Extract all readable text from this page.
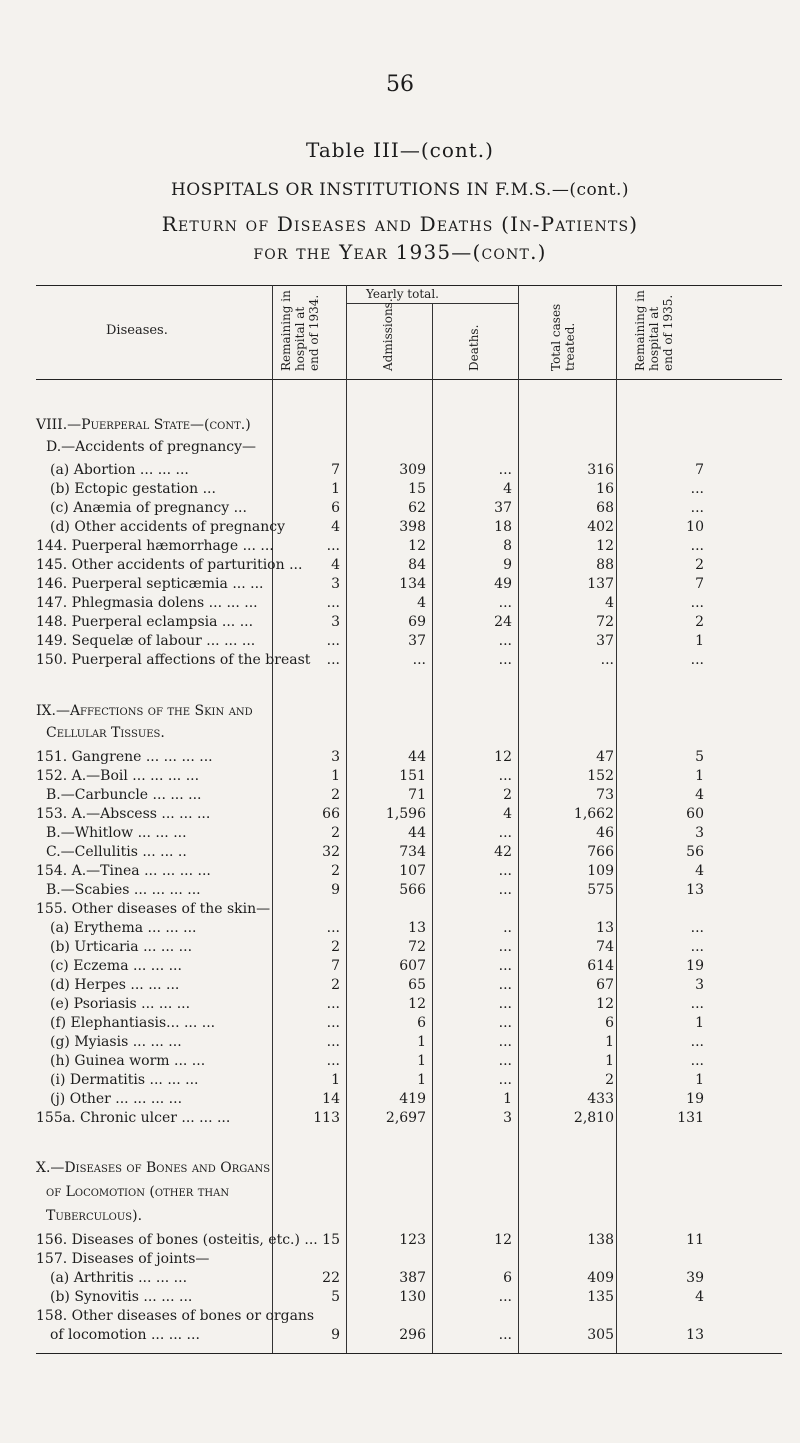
56
Table III—(cont.)
HOSPITALS OR INSTITUTIONS IN F.M.S.—(cont.)
Return of Diseases and Deaths (In-Patients)
for the Year 1935—(cont.)
Diseases.
Yearly total.
Remaining in hospital at end of 1934.	Admissions.	Deaths.	Total cases treated.	Remaining in hospital at end of 1935.
VIII.—Puerperal State—(cont.)
D.—Accidents of pregnancy—
(a) Abortion ... ... ...	7	309	...	316	7
(b) Ectopic gestation ...	1	15	4	16	...
(c) Anæmia of pregnancy ...	6	62	37	68	...
(d) Other accidents of pregnancy	4	398	18	402	10
144. Puerperal hæmorrhage ... ...	...	12	8	12	...
145. Other accidents of parturition ...	4	84	9	88	2
146. Puerperal septicæmia ... ...	3	134	49	137	7
147. Phlegmasia dolens ... ... ...	...	4	...	4	...
148. Puerperal eclampsia ... ...	3	69	24	72	2
149. Sequelæ of labour ... ... ...	...	37	...	37	1
150. Puerperal affections of the breast	...	...	...	...	...
IX.—Affections of the Skin and
Cellular Tissues.
151. Gangrene ... ... ... ...	3	44	12	47	5
152. A.—Boil ... ... ... ...	1	151	...	152	1
B.—Carbuncle ... ... ...	2	71	2	73	4
153. A.—Abscess ... ... ...	66	1,596	4	1,662	60
B.—Whitlow ... ... ...	2	44	...	46	3
C.—Cellulitis ... ... ..	32	734	42	766	56
154. A.—Tinea ... ... ... ...	2	107	...	109	4
B.—Scabies ... ... ... ...	9	566	...	575	13
155. Other diseases of the skin—
(a) Erythema ... ... ...	...	13	..	13	...
(b) Urticaria ... ... ...	2	72	...	74	...
(c) Eczema ... ... ...	7	607	...	614	19
(d) Herpes ... ... ...	2	65	...	67	3
(e) Psoriasis ... ... ...	...	12	...	12	...
(f) Elephantiasis... ... ...	...	6	...	6	1
(g) Myiasis ... ... ...	...	1	...	1	...
(h) Guinea worm ... ...	...	1	...	1	...
(i) Dermatitis ... ... ...	1	1	...	2	1
(j) Other ... ... ... ...	14	419	1	433	19
155a. Chronic ulcer ... ... ...	113	2,697	3	2,810	131
X.—Diseases of Bones and Organs
of Locomotion (other than
Tuberculous).
156. Diseases of bones (osteitis, etc.) ... 15	123	12	138	11
157. Diseases of joints—
(a) Arthritis ... ... ...	22	387	6	409	39
(b) Synovitis ... ... ...	5	130	...	135	4
158. Other diseases of bones or organs
of locomotion ... ... ...	9	296	...	305	13
